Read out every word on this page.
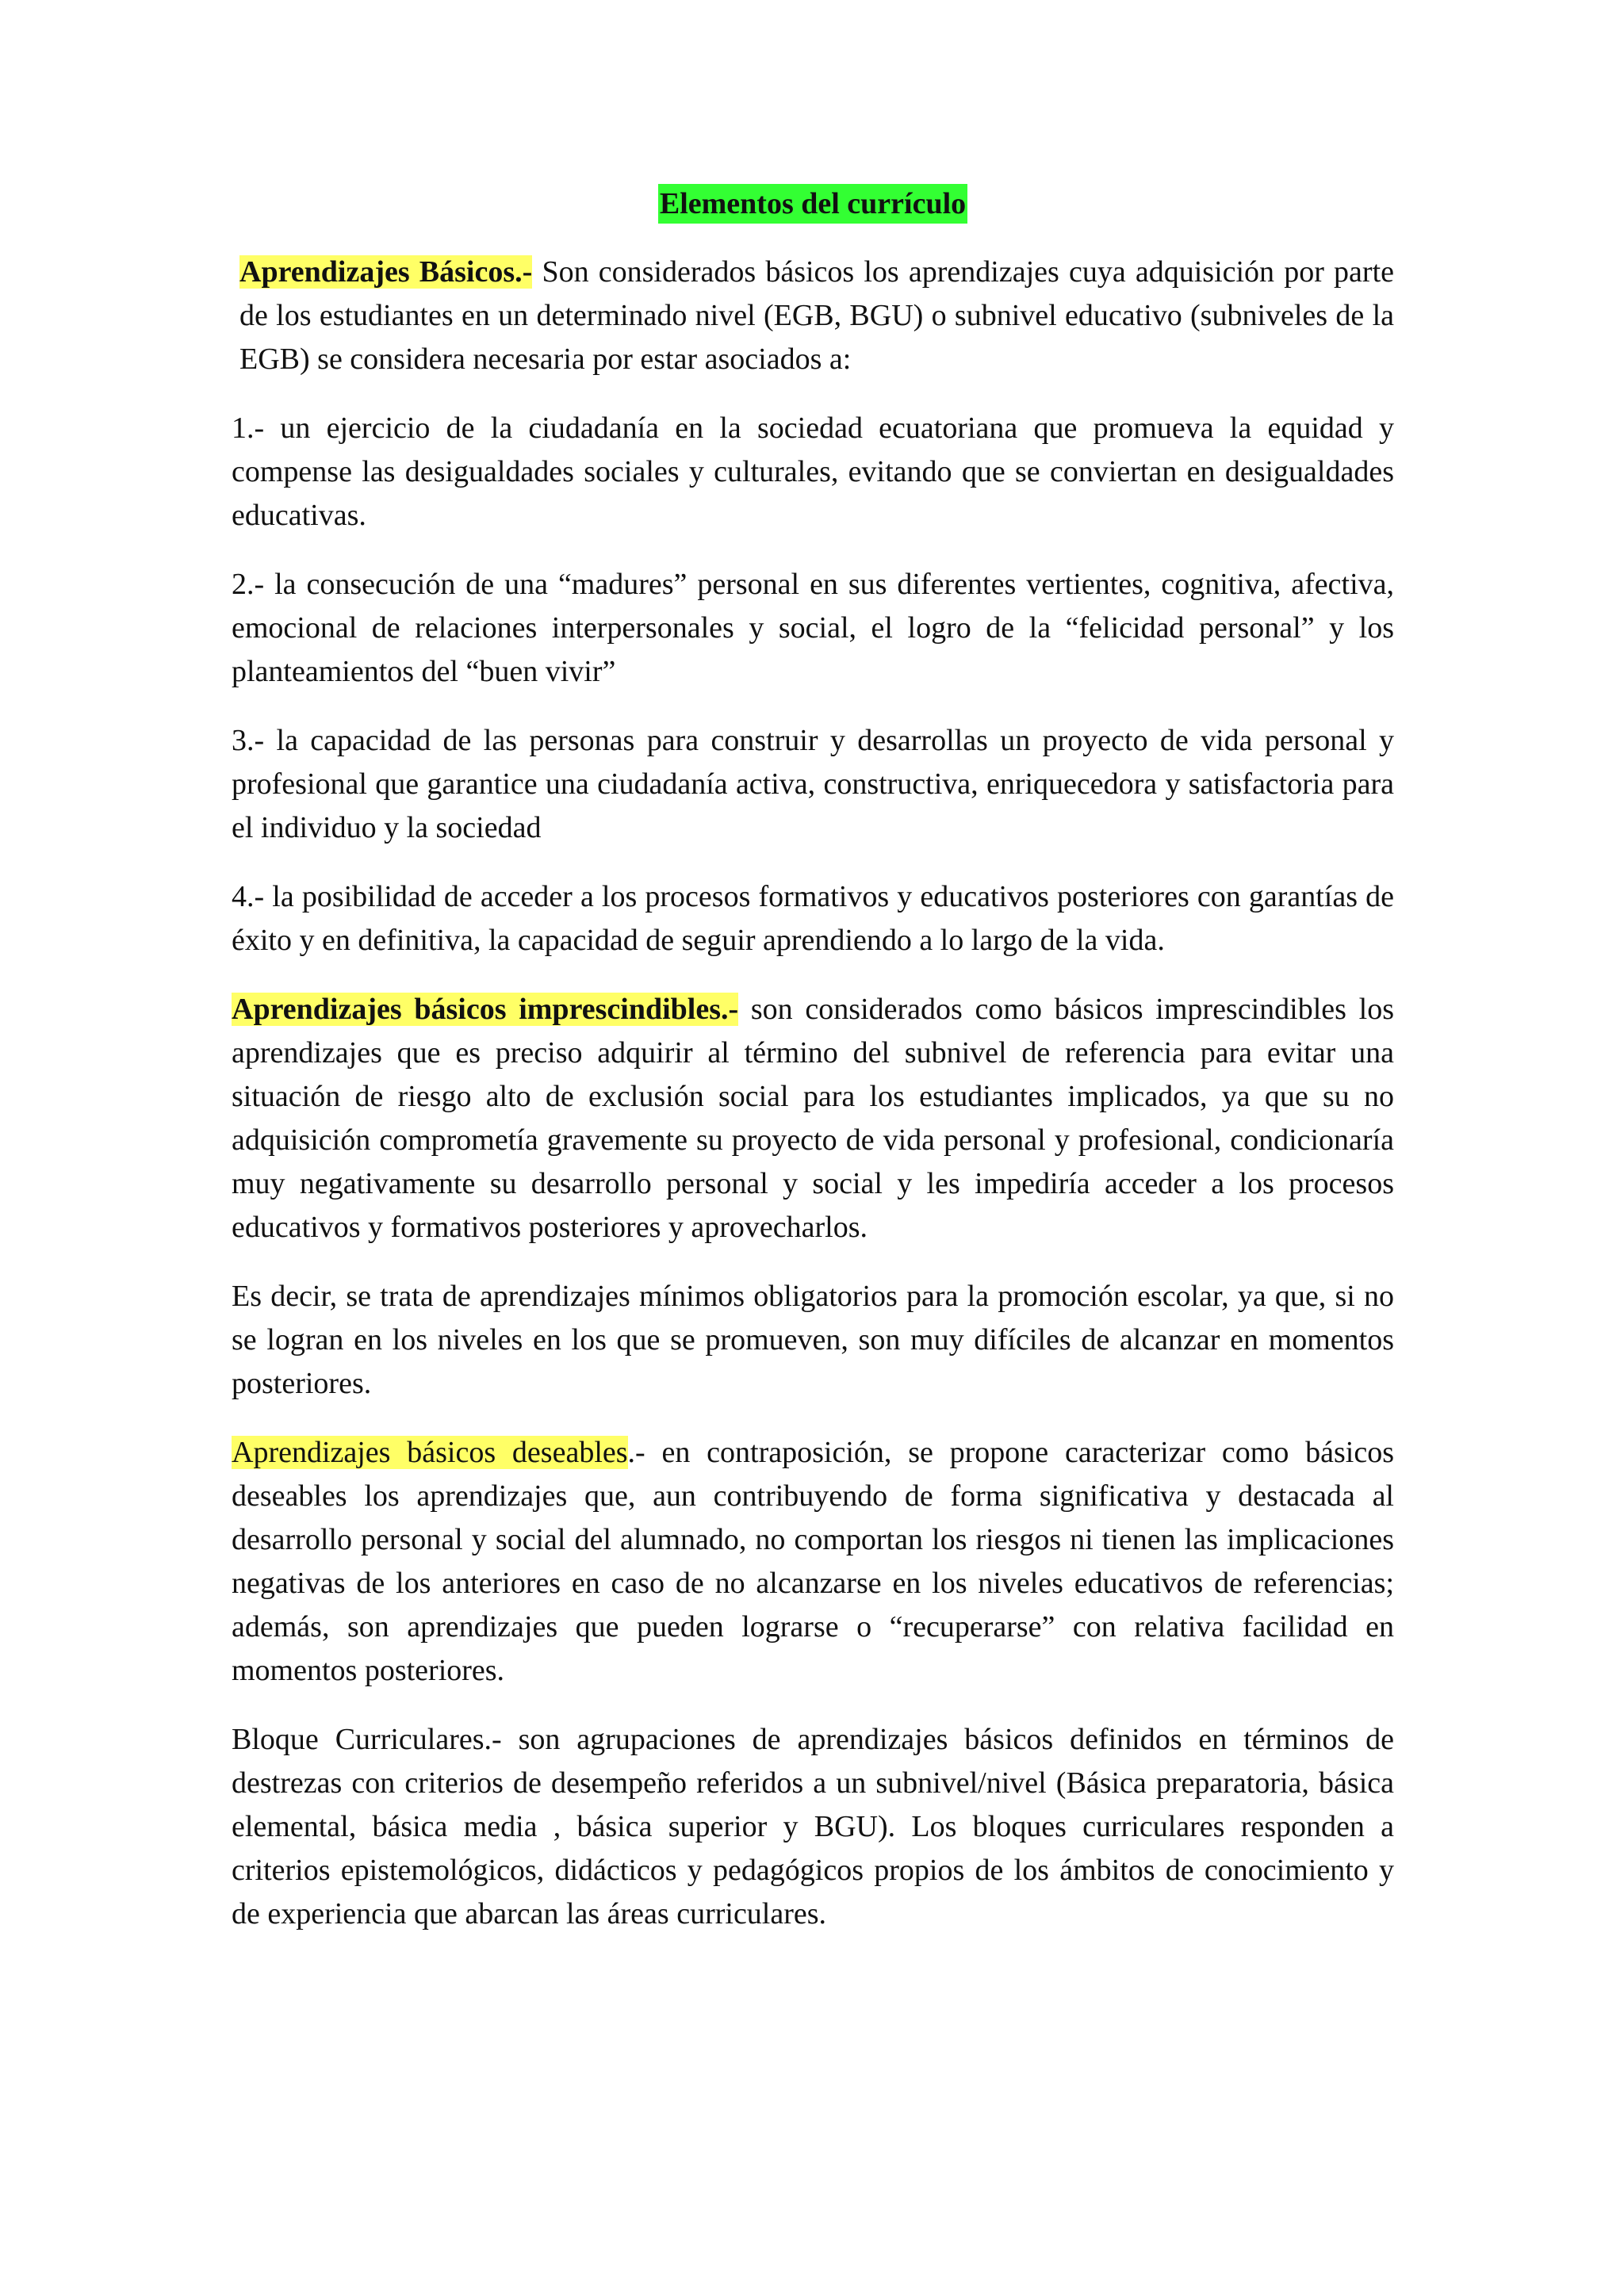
Elementos del currículo

Aprendizajes Básicos.- Son considerados básicos los aprendizajes cuya adquisición por parte de los estudiantes en un determinado nivel (EGB, BGU) o subnivel educativo (subniveles de la EGB) se considera necesaria por estar asociados a:

1.- un ejercicio de la ciudadanía en la sociedad ecuatoriana que promueva la equidad y compense las desigualdades sociales y culturales, evitando que se conviertan en desigualdades educativas.

2.- la consecución de una “madures” personal en sus diferentes vertientes, cognitiva, afectiva, emocional de relaciones interpersonales y social, el logro de la “felicidad personal” y los planteamientos del “buen vivir”

3.- la capacidad de las personas para construir y desarrollas un proyecto de vida personal y profesional que garantice una ciudadanía activa, constructiva, enriquecedora y satisfactoria para el individuo y la sociedad

4.- la posibilidad de acceder a los procesos formativos y educativos posteriores con garantías de éxito y en definitiva, la capacidad de seguir aprendiendo a lo largo de la vida.

Aprendizajes básicos imprescindibles.- son considerados como básicos imprescindibles los aprendizajes que es preciso adquirir al término del subnivel de referencia para evitar una situación de riesgo alto de exclusión social para los estudiantes implicados, ya que su no adquisición comprometía gravemente su proyecto de vida personal y profesional, condicionaría muy negativamente su desarrollo personal y social y les impediría acceder a los procesos educativos y formativos posteriores y aprovecharlos.

Es decir, se trata de aprendizajes mínimos obligatorios para la promoción escolar, ya que, si no se logran en los niveles en los que se promueven, son muy difíciles de alcanzar en momentos posteriores.

Aprendizajes básicos deseables.- en contraposición, se propone caracterizar como básicos deseables los aprendizajes que, aun contribuyendo de forma significativa y destacada al desarrollo personal y social del alumnado, no comportan los riesgos ni tienen las implicaciones negativas de los anteriores en caso de no alcanzarse en los niveles educativos de referencias; además, son aprendizajes que pueden lograrse o “recuperarse” con relativa facilidad en momentos posteriores.

Bloque Curriculares.- son agrupaciones de aprendizajes básicos definidos en términos de destrezas con criterios de desempeño referidos a un subnivel/nivel (Básica preparatoria, básica elemental, básica media , básica superior y BGU). Los bloques curriculares responden a criterios epistemológicos, didácticos y pedagógicos propios de los ámbitos de conocimiento y de experiencia que abarcan las áreas curriculares.
